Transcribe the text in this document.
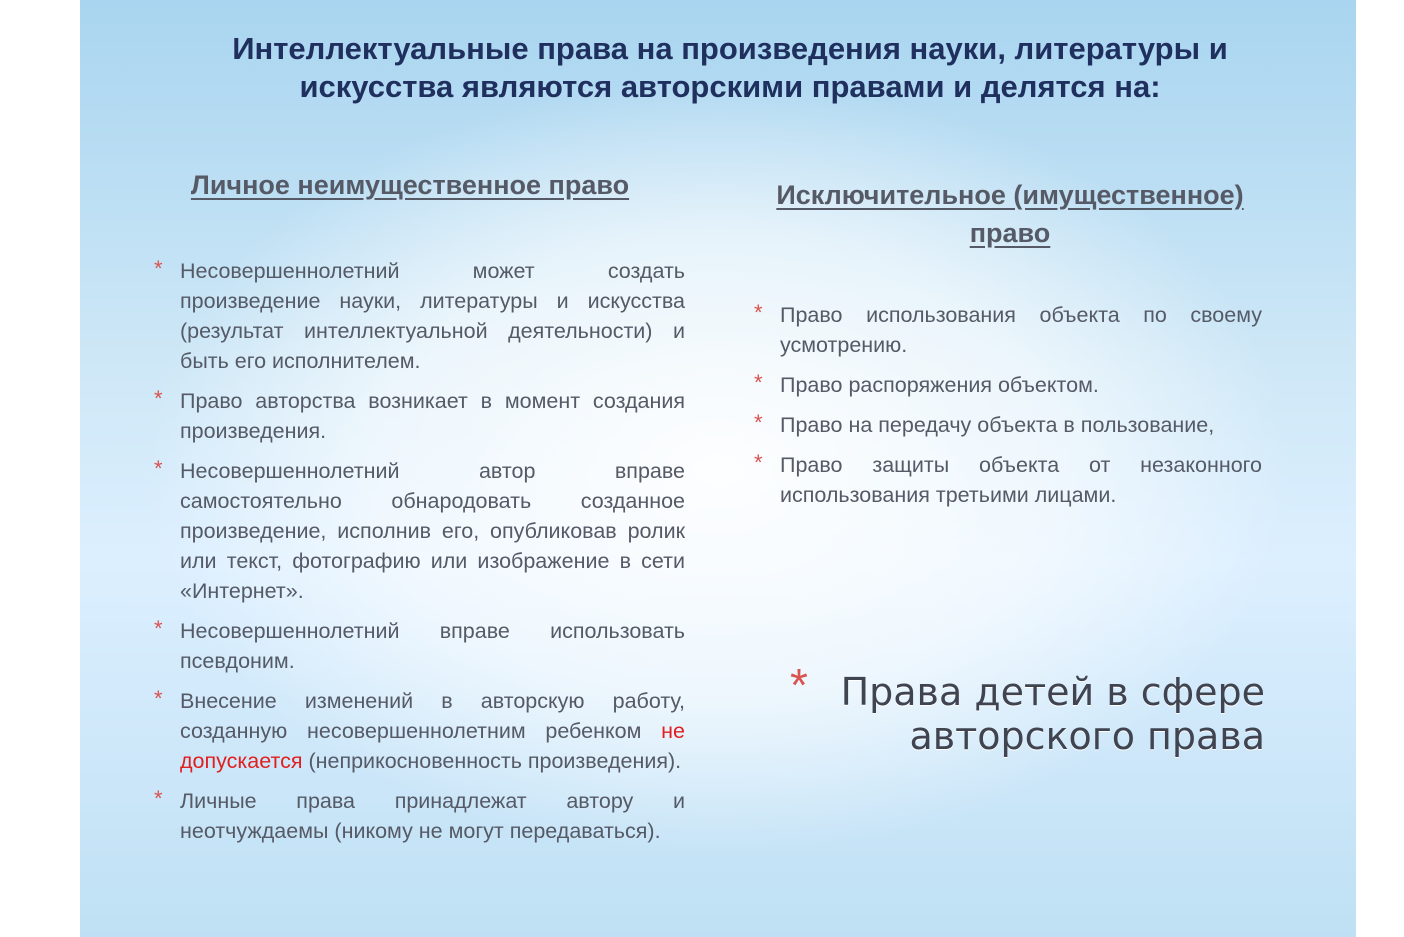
Интеллектуальные права на произведения науки, литературы и искусства являются авторскими правами и делятся на:
Личное неимущественное право
* Несовершеннолетний может создать произведение науки, литературы и искусства (результат интеллектуальной деятельности) и быть его исполнителем.
* Право авторства возникает в момент создания произведения.
* Несовершеннолетний автор вправе самостоятельно обнародовать созданное произведение, исполнив его, опубликовав ролик или текст, фотографию или изображение в сети «Интернет».
* Несовершеннолетний вправе использовать псевдоним.
* Внесение изменений в авторскую работу, созданную несовершеннолетним ребенком не допускается (неприкосновенность произведения).
* Личные права принадлежат автору и неотчуждаемы (никому не могут передаваться).
Исключительное (имущественное) право
* Право использования объекта по своему усмотрению.
* Право распоряжения объектом.
* Право на передачу объекта в пользование,
* Право защиты объекта от незаконного использования третьими лицами.
* Права детей в сфере авторского права
